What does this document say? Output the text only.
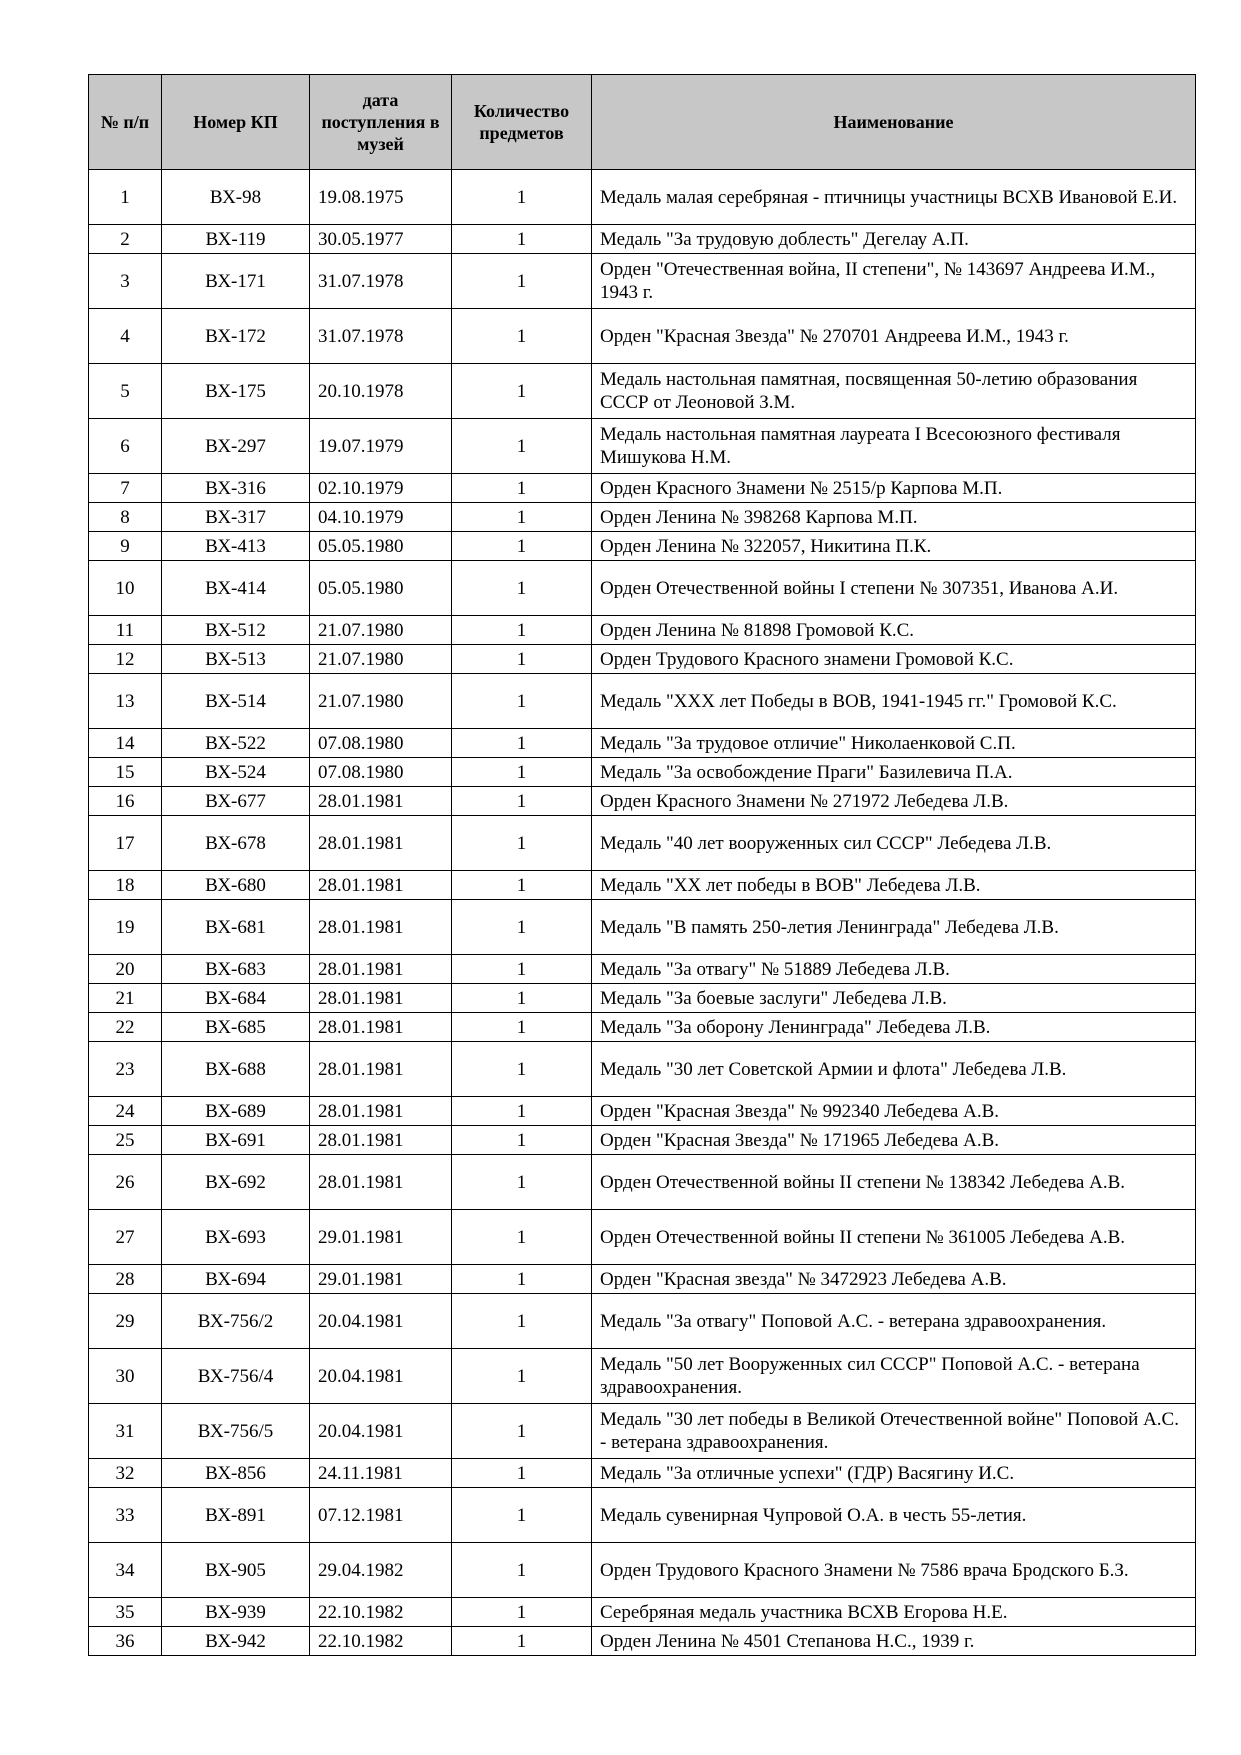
№ п/п	Номер КП	дата поступления в музей	Количество предметов	Наименование
1	ВХ-98	19.08.1975	1	Медаль малая серебряная - птичницы участницы ВСХВ Ивановой Е.И.
2	ВХ-119	30.05.1977	1	Медаль "За трудовую доблесть" Дегелау А.П.
3	ВХ-171	31.07.1978	1	Орден "Отечественная война, II степени", № 143697 Андреева И.М., 1943 г.
4	ВХ-172	31.07.1978	1	Орден "Красная Звезда" № 270701 Андреева И.М., 1943 г.
5	ВХ-175	20.10.1978	1	Медаль настольная памятная, посвященная 50-летию образования СССР от Леоновой З.М.
6	ВХ-297	19.07.1979	1	Медаль настольная памятная лауреата I Всесоюзного фестиваля Мишукова Н.М.
7	ВХ-316	02.10.1979	1	Орден Красного Знамени № 2515/р Карпова М.П.
8	ВХ-317	04.10.1979	1	Орден Ленина № 398268 Карпова М.П.
9	ВХ-413	05.05.1980	1	Орден Ленина № 322057, Никитина П.К.
10	ВХ-414	05.05.1980	1	Орден Отечественной войны I степени № 307351, Иванова А.И.
11	ВХ-512	21.07.1980	1	Орден Ленина № 81898 Громовой К.С.
12	ВХ-513	21.07.1980	1	Орден Трудового Красного знамени Громовой К.С.
13	ВХ-514	21.07.1980	1	Медаль "XXX лет Победы в ВОВ, 1941-1945 гг." Громовой К.С.
14	ВХ-522	07.08.1980	1	Медаль "За трудовое отличие" Николаенковой С.П.
15	ВХ-524	07.08.1980	1	Медаль "За освобождение Праги" Базилевича П.А.
16	ВХ-677	28.01.1981	1	Орден Красного Знамени № 271972 Лебедева Л.В.
17	ВХ-678	28.01.1981	1	Медаль "40 лет вооруженных сил СССР" Лебедева Л.В.
18	ВХ-680	28.01.1981	1	Медаль "XX лет победы в ВОВ" Лебедева Л.В.
19	ВХ-681	28.01.1981	1	Медаль "В память 250-летия Ленинграда" Лебедева Л.В.
20	ВХ-683	28.01.1981	1	Медаль "За отвагу" № 51889 Лебедева Л.В.
21	ВХ-684	28.01.1981	1	Медаль "За боевые заслуги" Лебедева Л.В.
22	ВХ-685	28.01.1981	1	Медаль "За оборону Ленинграда" Лебедева Л.В.
23	ВХ-688	28.01.1981	1	Медаль "30 лет Советской Армии и флота" Лебедева Л.В.
24	ВХ-689	28.01.1981	1	Орден "Красная Звезда" № 992340 Лебедева А.В.
25	ВХ-691	28.01.1981	1	Орден "Красная Звезда" № 171965 Лебедева А.В.
26	ВХ-692	28.01.1981	1	Орден Отечественной войны II степени № 138342 Лебедева А.В.
27	ВХ-693	29.01.1981	1	Орден Отечественной войны II степени № 361005 Лебедева А.В.
28	ВХ-694	29.01.1981	1	Орден "Красная звезда" № 3472923 Лебедева А.В.
29	ВХ-756/2	20.04.1981	1	Медаль "За отвагу" Поповой А.С. - ветерана здравоохранения.
30	ВХ-756/4	20.04.1981	1	Медаль "50 лет Вооруженных сил СССР" Поповой А.С. - ветерана здравоохранения.
31	ВХ-756/5	20.04.1981	1	Медаль "30 лет победы в Великой Отечественной войне" Поповой А.С. - ветерана здравоохранения.
32	ВХ-856	24.11.1981	1	Медаль "За отличные успехи" (ГДР) Васягину И.С.
33	ВХ-891	07.12.1981	1	Медаль сувенирная Чупровой О.А. в честь 55-летия.
34	ВХ-905	29.04.1982	1	Орден Трудового Красного Знамени № 7586 врача Бродского Б.З.
35	ВХ-939	22.10.1982	1	Серебряная медаль участника ВСХВ Егорова Н.Е.
36	ВХ-942	22.10.1982	1	Орден Ленина № 4501 Степанова Н.С., 1939 г.
